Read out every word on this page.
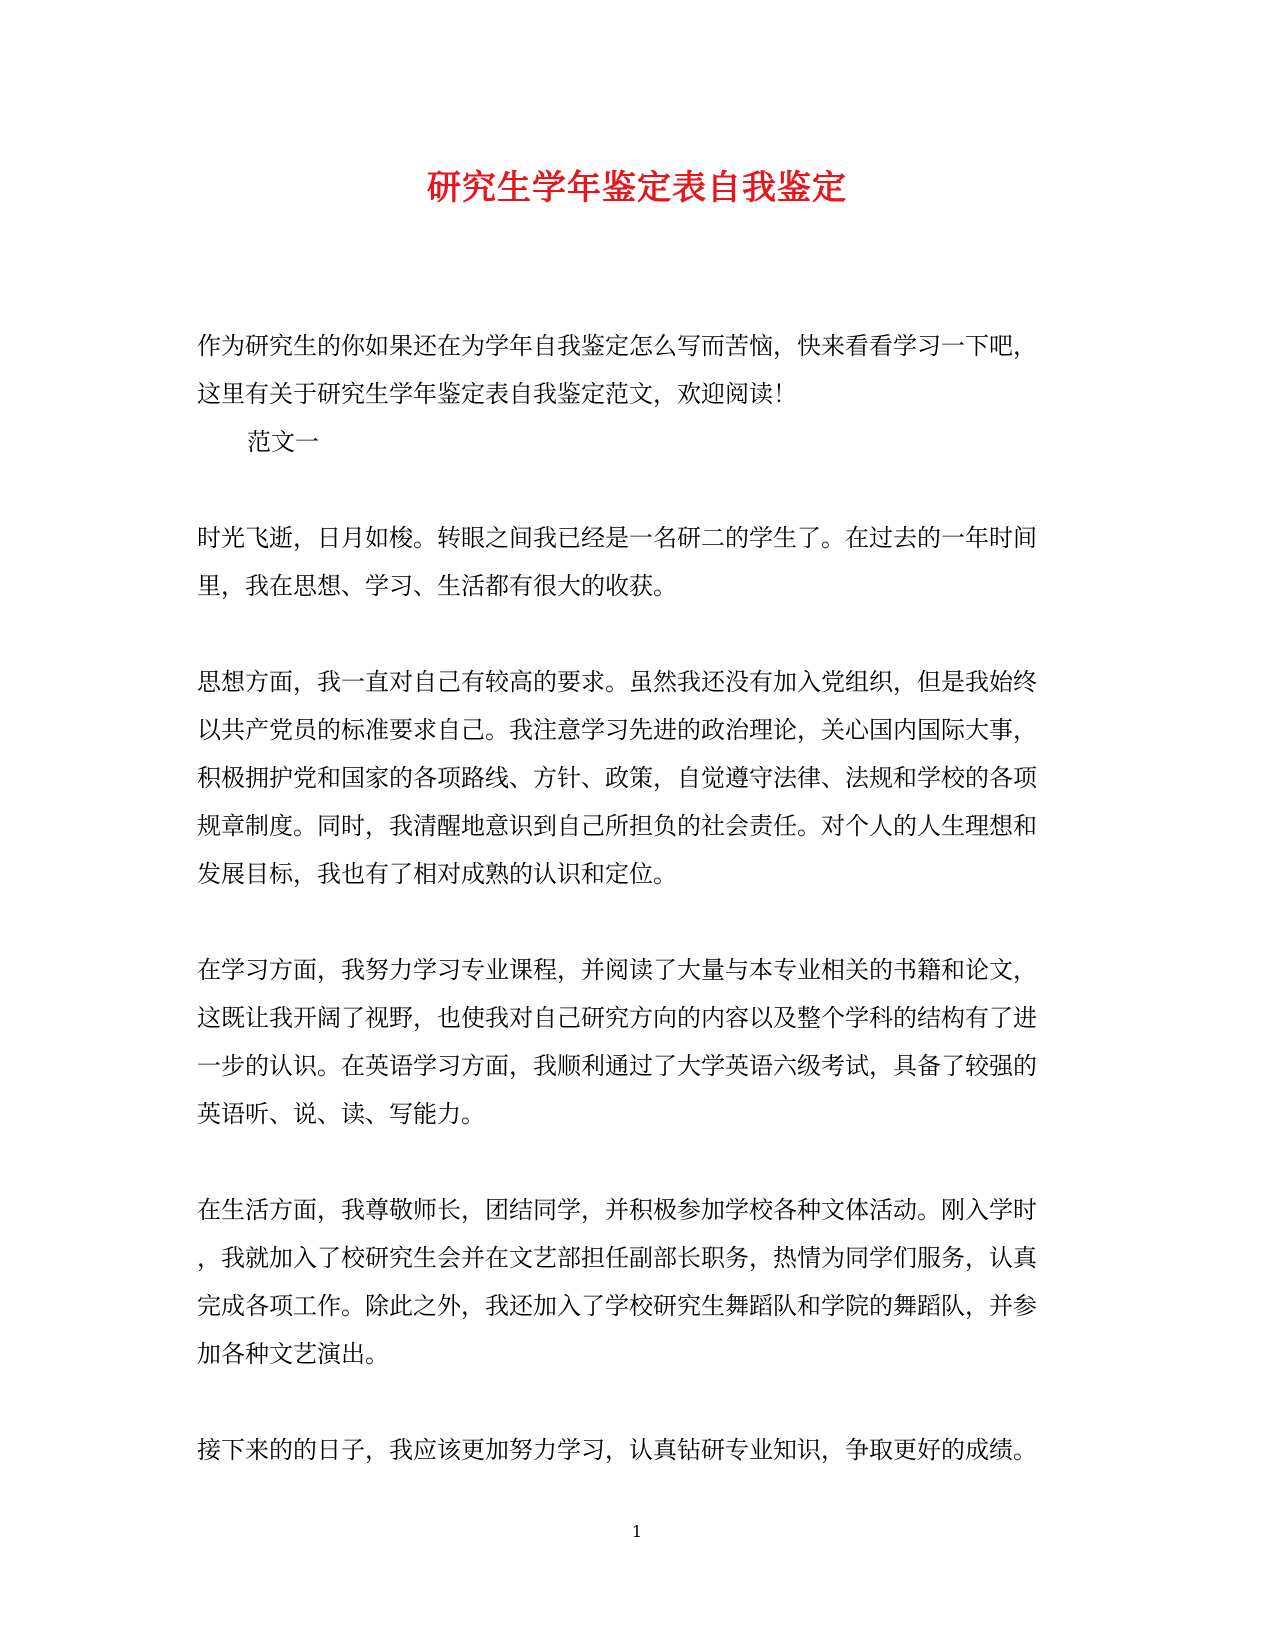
研究生学年鉴定表自我鉴定
作为研究生的你如果还在为学年自我鉴定怎么写而苦恼，快来看看学习一下吧，
这里有关于研究生学年鉴定表自我鉴定范文，欢迎阅读！
范文一
时光飞逝，日月如梭。转眼之间我已经是一名研二的学生了。在过去的一年时间
里，我在思想、学习、生活都有很大的收获。
思想方面，我一直对自己有较高的要求。虽然我还没有加入党组织，但是我始终
以共产党员的标准要求自己。我注意学习先进的政治理论，关心国内国际大事，
积极拥护党和国家的各项路线、方针、政策，自觉遵守法律、法规和学校的各项
规章制度。同时，我清醒地意识到自己所担负的社会责任。对个人的人生理想和
发展目标，我也有了相对成熟的认识和定位。
在学习方面，我努力学习专业课程，并阅读了大量与本专业相关的书籍和论文，
这既让我开阔了视野，也使我对自己研究方向的内容以及整个学科的结构有了进
一步的认识。在英语学习方面，我顺利通过了大学英语六级考试，具备了较强的
英语听、说、读、写能力。
在生活方面，我尊敬师长，团结同学，并积极参加学校各种文体活动。刚入学时
，我就加入了校研究生会并在文艺部担任副部长职务，热情为同学们服务，认真
完成各项工作。除此之外，我还加入了学校研究生舞蹈队和学院的舞蹈队，并参
加各种文艺演出。
接下来的的日子，我应该更加努力学习，认真钻研专业知识，争取更好的成绩。
1
